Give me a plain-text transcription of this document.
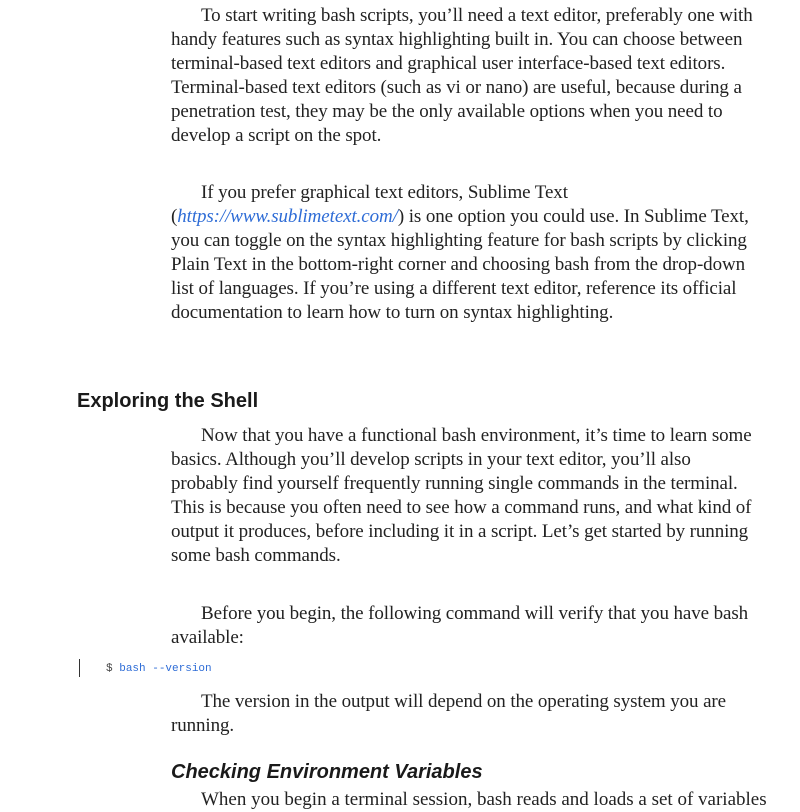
To start writing bash scripts, you’ll need a text editor, preferably one with handy features such as syntax highlighting built in. You can choose between terminal-based text editors and graphical user interface-based text editors. Terminal-based text editors (such as vi or nano) are useful, because during a penetration test, they may be the only available options when you need to develop a script on the spot.

If you prefer graphical text editors, Sublime Text (https://www.sublimetext.com/) is one option you could use. In Sublime Text, you can toggle on the syntax highlighting feature for bash scripts by clicking Plain Text in the bottom-right corner and choosing bash from the drop-down list of languages. If you’re using a different text editor, reference its official documentation to learn how to turn on syntax highlighting.

Exploring the Shell

Now that you have a functional bash environment, it’s time to learn some basics. Although you’ll develop scripts in your text editor, you’ll also probably find yourself frequently running single commands in the terminal. This is because you often need to see how a command runs, and what kind of output it produces, before including it in a script. Let’s get started by running some bash commands.

Before you begin, the following command will verify that you have bash available:

$ bash --version

The version in the output will depend on the operating system you are running.

Checking Environment Variables
When you begin a terminal session, bash reads and loads a set of variables
